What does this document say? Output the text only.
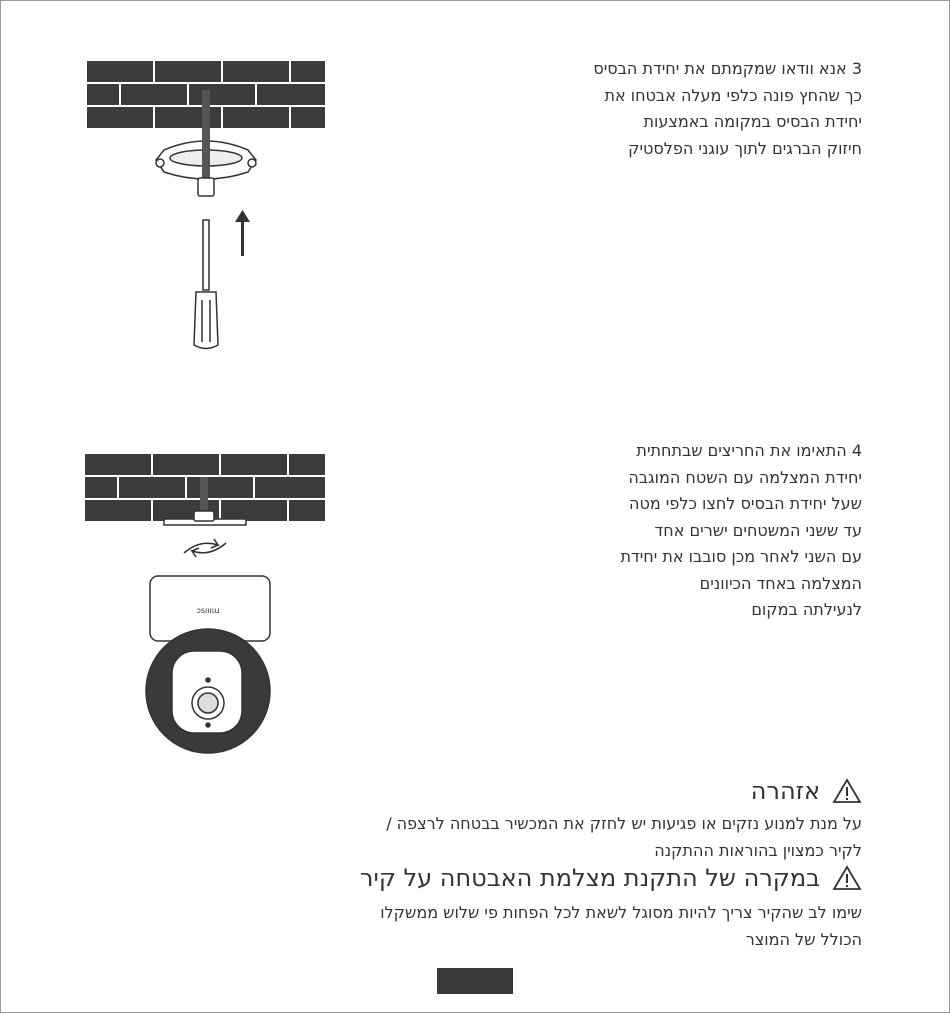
3 אנא וודאו שמקמתם את יחידת הבסיס
כך שהחץ פונה כלפי מעלה אבטחו את
יחידת הבסיס במקומה באמצעות
חיזוק הברגים לתוך עוגני הפלסטיק
ɔsıııɯ
4 התאימו את החריצים שבתחתית
יחידת המצלמה עם השטח המוגבה
שעל יחידת הבסיס לחצו כלפי מטה
עד ששני המשטחים ישרים אחד
עם השני לאחר מכן סובבו את יחידת
המצלמה באחד הכיוונים
לנעילתה במקום
אזהרה
על מנת למנוע נזקים או פגיעות יש לחזק את המכשיר בבטחה לרצפה /
לקיר כמצוין בהוראות ההתקנה
במקרה של התקנת מצלמת האבטחה על קיר
שימו לב שהקיר צריך להיות מסוגל לשאת לכל הפחות פי שלוש ממשקלו
הכולל של המוצר
